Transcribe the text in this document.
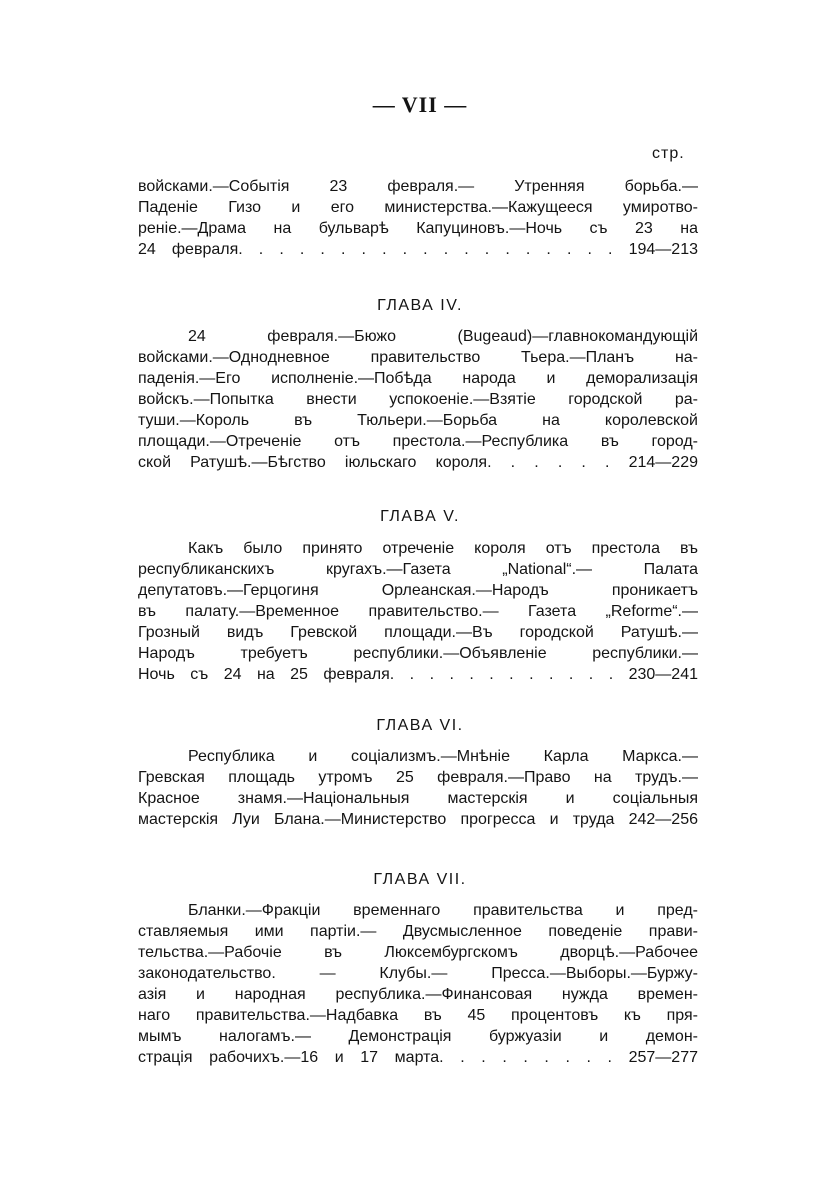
— VII —
стр.
войсками.—Событія 23 февраля.— Утренняя борьба.—
Паденіе Гизо и его министерства.—Кажущееся умиротво-
реніе.—Драма на бульварѣ Капуциновъ.—Ночь съ 23 на
24 февраля. . . . . . . . . . . . . . . . . . . 194—213
ГЛАВА IV.
24 февраля.—Бюжо (Bugeaud)—главнокомандующій
войсками.—Однодневное правительство Тьера.—Планъ на-
паденія.—Его исполненіе.—Побѣда народа и деморализація
войскъ.—Попытка внести успокоеніе.—Взятіе городской ра-
туши.—Король въ Тюльери.—Борьба на королевской
площади.—Отреченіе отъ престола.—Республика въ город-
ской Ратушѣ.—Бѣгство іюльскаго короля. . . . . . 214—229
ГЛАВА V.
Какъ было принято отреченіе короля отъ престола въ
республиканскихъ кругахъ.—Газета „National“.— Палата
депутатовъ.—Герцогиня Орлеанская.—Народъ проникаетъ
въ палату.—Временное правительство.— Газета „Reforme“.—
Грозный видъ Гревской площади.—Въ городской Ратушѣ.—
Народъ требуетъ республики.—Объявленіе республики.—
Ночь съ 24 на 25 февраля. . . . . . . . . . . . 230—241
ГЛАВА VI.
Республика и соціализмъ.—Мнѣніе Карла Маркса.—
Гревская площадь утромъ 25 февраля.—Право на трудъ.—
Красное знамя.—Національныя мастерскія и соціальныя
мастерскія Луи Блана.—Министерство прогресса и труда 242—256
ГЛАВА VII.
Бланки.—Фракціи временнаго правительства и пред-
ставляемыя ими партіи.— Двусмысленное поведеніе прави-
тельства.—Рабочіе въ Люксембургскомъ дворцѣ.—Рабочее
законодательство. — Клубы.— Пресса.—Выборы.—Буржу-
азія и народная республика.—Финансовая нужда времен-
наго правительства.—Надбавка въ 45 процентовъ къ пря-
мымъ налогамъ.— Демонстрація буржуазіи и демон-
страція рабочихъ.—16 и 17 марта. . . . . . . . . 257—277
